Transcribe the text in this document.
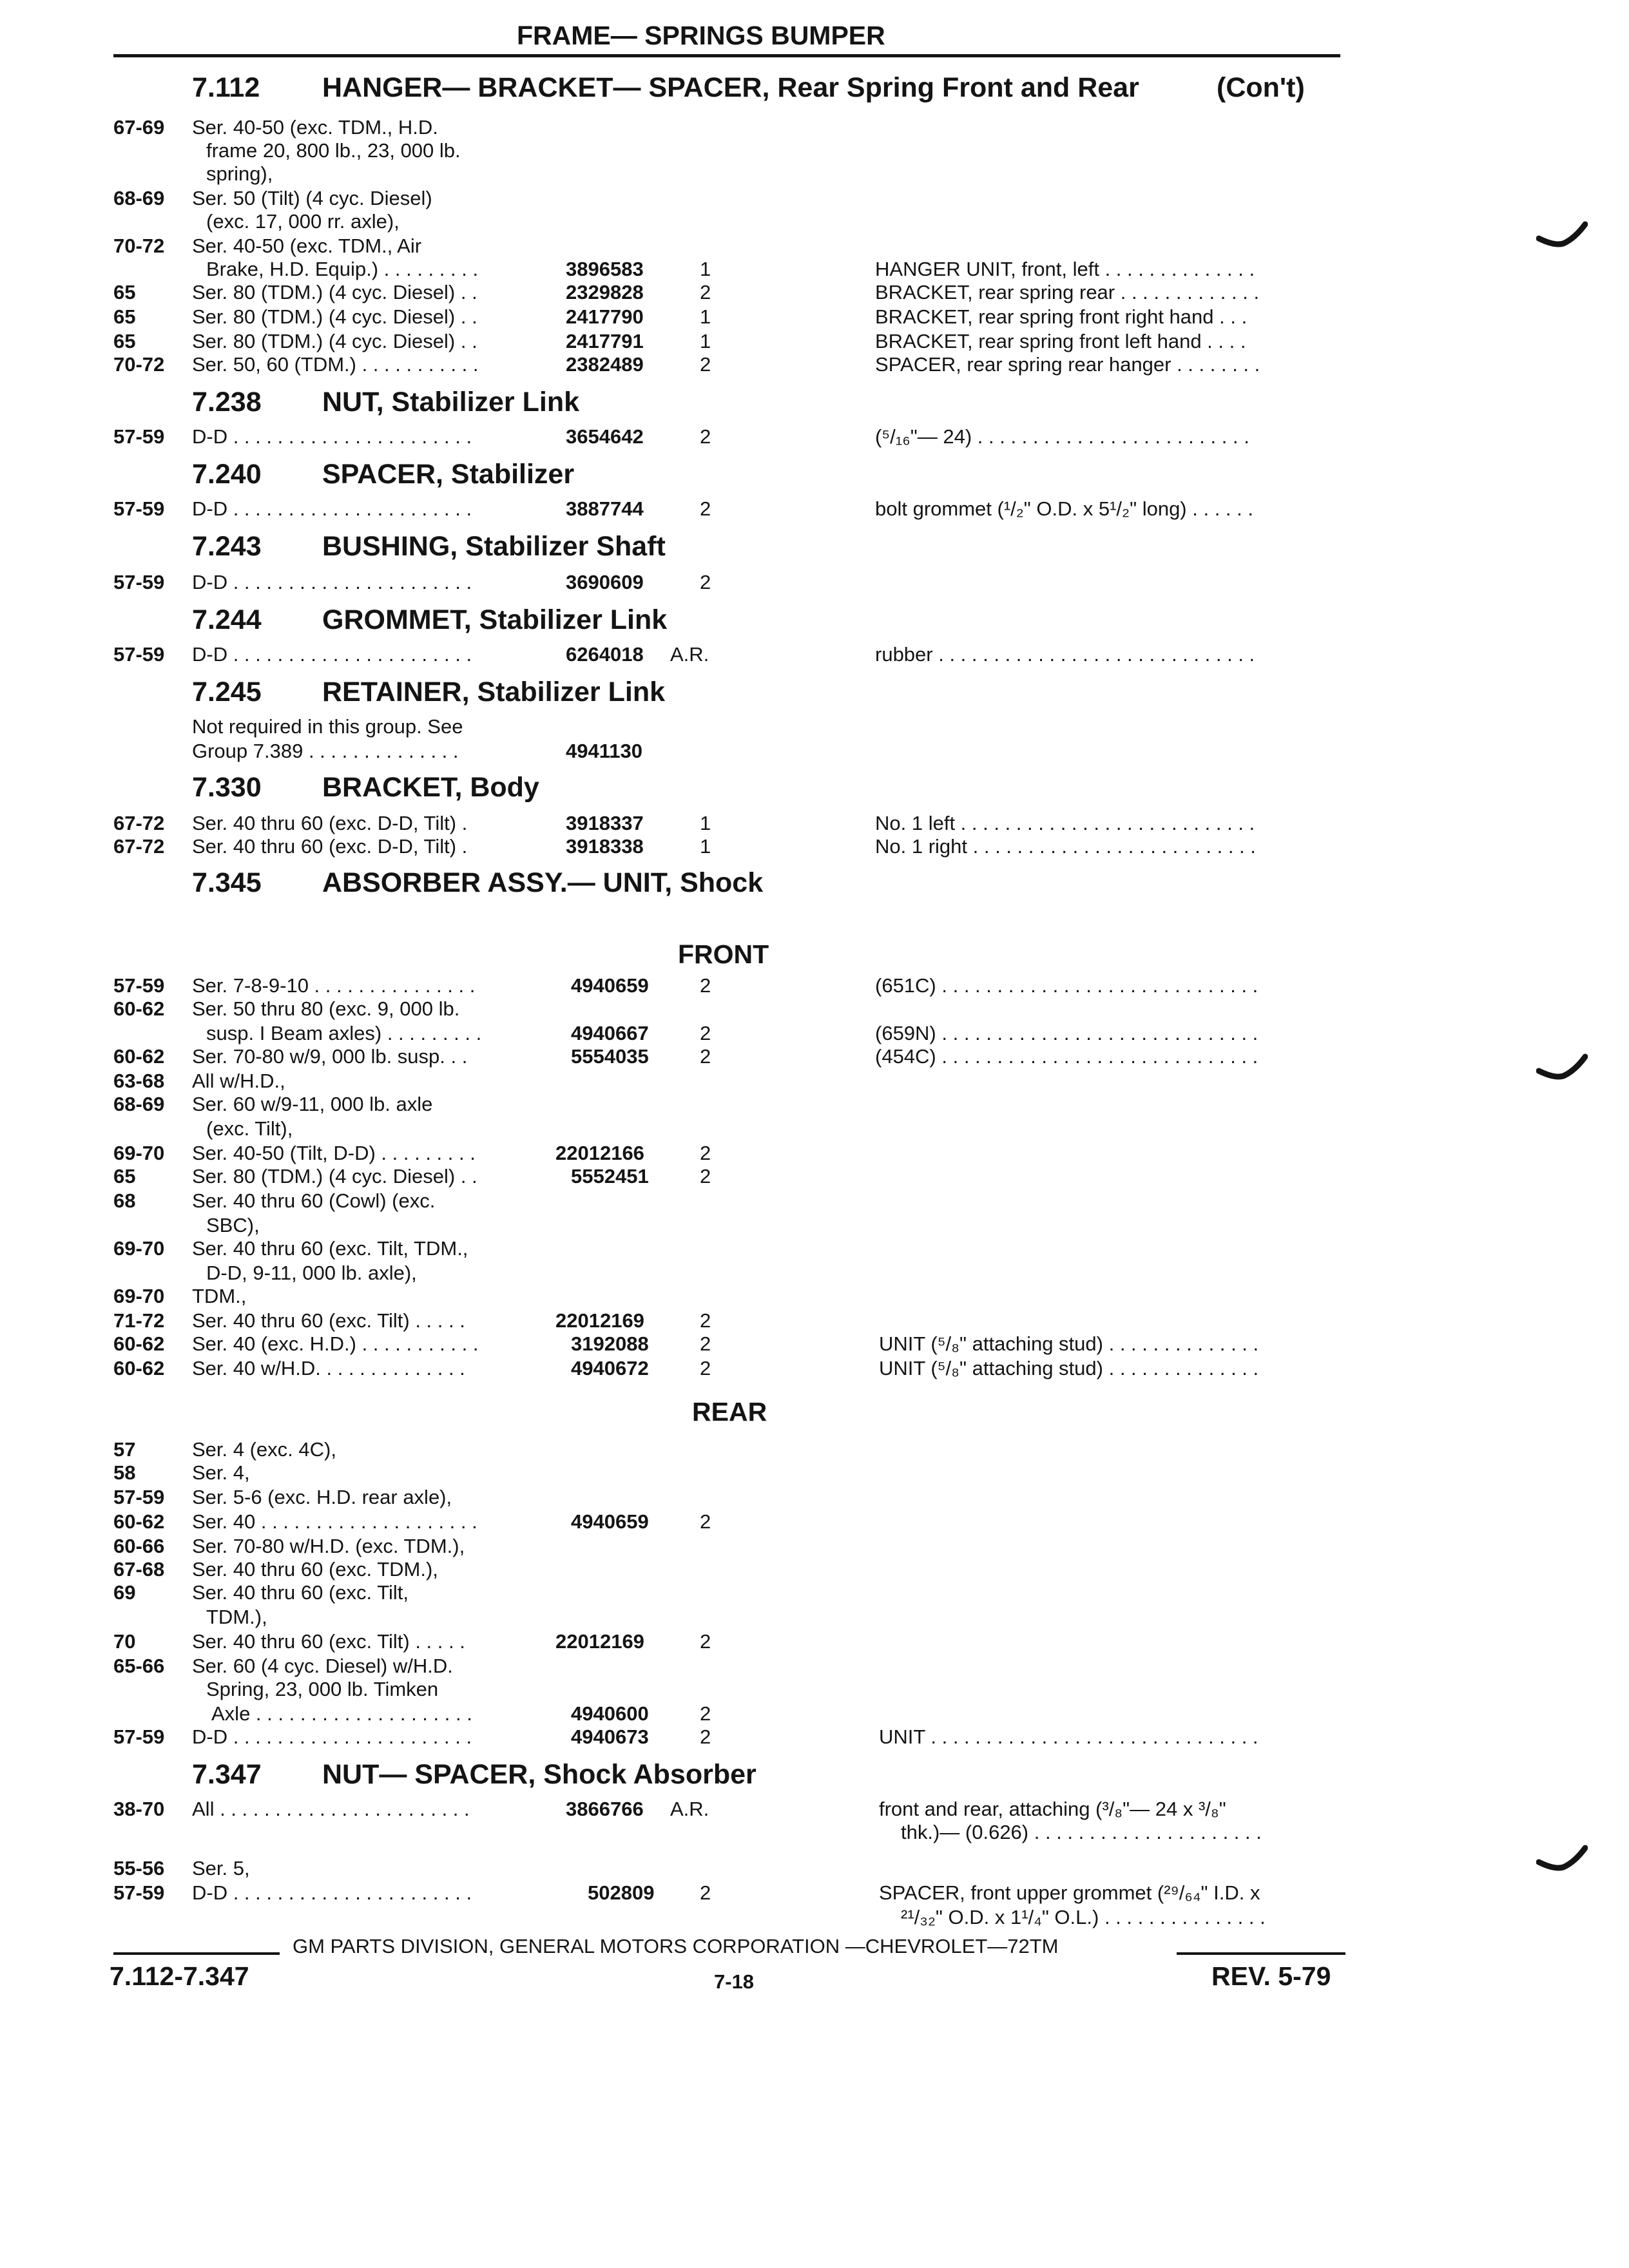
FRAME— SPRINGS BUMPER
7.112 HANGER— BRACKET— SPACER, Rear Spring Front and Rear	(Con't)
67-69 Ser. 40-50 (exc. TDM., H.D.
frame 20, 800 lb., 23, 000 lb.
spring),
68-69 Ser. 50 (Tilt) (4 cyc. Diesel)
(exc. 17, 000 rr. axle),
70-72 Ser. 40-50 (exc. TDM., Air
Brake, H.D. Equip.) . . . . . . . . .	3896583	1	HANGER UNIT, front, left . . . . . . . . . . . . . .
65	Ser. 80 (TDM.) (4 cyc. Diesel) . .	2329828	2	BRACKET, rear spring rear . . . . . . . . . . . . .
65	Ser. 80 (TDM.) (4 cyc. Diesel) . .	2417790	1	BRACKET, rear spring front right hand . . .
65	Ser. 80 (TDM.) (4 cyc. Diesel) . .	2417791	1	BRACKET, rear spring front left hand . . . .
70-72 Ser. 50, 60 (TDM.) . . . . . . . . . . .	2382489	2	SPACER, rear spring rear hanger . . . . . . . .
7.238 NUT, Stabilizer Link
57-59 D-D . . . . . . . . . . . . . . . . . . . . . .	3654642	2	(⁵/₁₆"— 24) . . . . . . . . . . . . . . . . . . . . . . . . .
7.240 SPACER, Stabilizer
57-59 D-D . . . . . . . . . . . . . . . . . . . . . .	3887744	2	bolt grommet (¹/₂" O.D. x 5¹/₂" long) . . . . . .
7.243 BUSHING, Stabilizer Shaft
57-59 D-D . . . . . . . . . . . . . . . . . . . . . .	3690609	2
7.244 GROMMET, Stabilizer Link
57-59 D-D . . . . . . . . . . . . . . . . . . . . . .	6264018 A.R.	rubber . . . . . . . . . . . . . . . . . . . . . . . . . . . . .
7.245 RETAINER, Stabilizer Link
Not required in this group. See
Group 7.389 . . . . . . . . . . . . . .	4941130
7.330 BRACKET, Body
67-72 Ser. 40 thru 60 (exc. D-D, Tilt) .	3918337	1	No. 1 left . . . . . . . . . . . . . . . . . . . . . . . . . . .
67-72 Ser. 40 thru 60 (exc. D-D, Tilt) .	3918338	1	No. 1 right . . . . . . . . . . . . . . . . . . . . . . . . . .
7.345 ABSORBER ASSY.— UNIT, Shock
FRONT
57-59 Ser. 7-8-9-10 . . . . . . . . . . . . . . .	4940659	2	(651C) . . . . . . . . . . . . . . . . . . . . . . . . . . . . .
60-62 Ser. 50 thru 80 (exc. 9, 000 lb.
susp. I Beam axles) . . . . . . . . .	4940667	2	(659N) . . . . . . . . . . . . . . . . . . . . . . . . . . . . .
60-62 Ser. 70-80 w/9, 000 lb. susp. . .	5554035	2	(454C) . . . . . . . . . . . . . . . . . . . . . . . . . . . . .
63-68 All w/H.D.,
68-69 Ser. 60 w/9-11, 000 lb. axle
(exc. Tilt),
69-70 Ser. 40-50 (Tilt, D-D) . . . . . . . . .	22012166	2
65	Ser. 80 (TDM.) (4 cyc. Diesel) . .	5552451	2
68	Ser. 40 thru 60 (Cowl) (exc.
SBC),
69-70 Ser. 40 thru 60 (exc. Tilt, TDM.,
D-D, 9-11, 000 lb. axle),
69-70 TDM.,
71-72 Ser. 40 thru 60 (exc. Tilt) . . . . .	22012169	2
60-62 Ser. 40 (exc. H.D.) . . . . . . . . . . .	3192088	2	UNIT (⁵/₈" attaching stud) . . . . . . . . . . . . . .
60-62 Ser. 40 w/H.D. . . . . . . . . . . . . .	4940672	2	UNIT (⁵/₈" attaching stud) . . . . . . . . . . . . . .
REAR
57	Ser. 4 (exc. 4C),
58	Ser. 4,
57-59 Ser. 5-6 (exc. H.D. rear axle),
60-62 Ser. 40 . . . . . . . . . . . . . . . . . . . .	4940659	2
60-66 Ser. 70-80 w/H.D. (exc. TDM.),
67-68 Ser. 40 thru 60 (exc. TDM.),
69	Ser. 40 thru 60 (exc. Tilt,
TDM.),
70	Ser. 40 thru 60 (exc. Tilt) . . . . .	22012169	2
65-66 Ser. 60 (4 cyc. Diesel) w/H.D.
Spring, 23, 000 lb. Timken
Axle . . . . . . . . . . . . . . . . . . . .	4940600	2
57-59 D-D . . . . . . . . . . . . . . . . . . . . . .	4940673	2	UNIT . . . . . . . . . . . . . . . . . . . . . . . . . . . . . .
7.347 NUT— SPACER, Shock Absorber
38-70 All . . . . . . . . . . . . . . . . . . . . . . .	3866766 A.R.	front and rear, attaching (³/₈"— 24 x ³/₈"
thk.)— (0.626) . . . . . . . . . . . . . . . . . . . . .
55-56 Ser. 5,
57-59 D-D . . . . . . . . . . . . . . . . . . . . . .	502809 2	SPACER, front upper grommet (²⁹/₆₄" I.D. x
²¹/₃₂" O.D. x 1¹/₄" O.L.) . . . . . . . . . . . . . . .
GM PARTS DIVISION, GENERAL MOTORS CORPORATION —CHEVROLET—72TM
7.112-7.347	7-18	REV. 5-79
